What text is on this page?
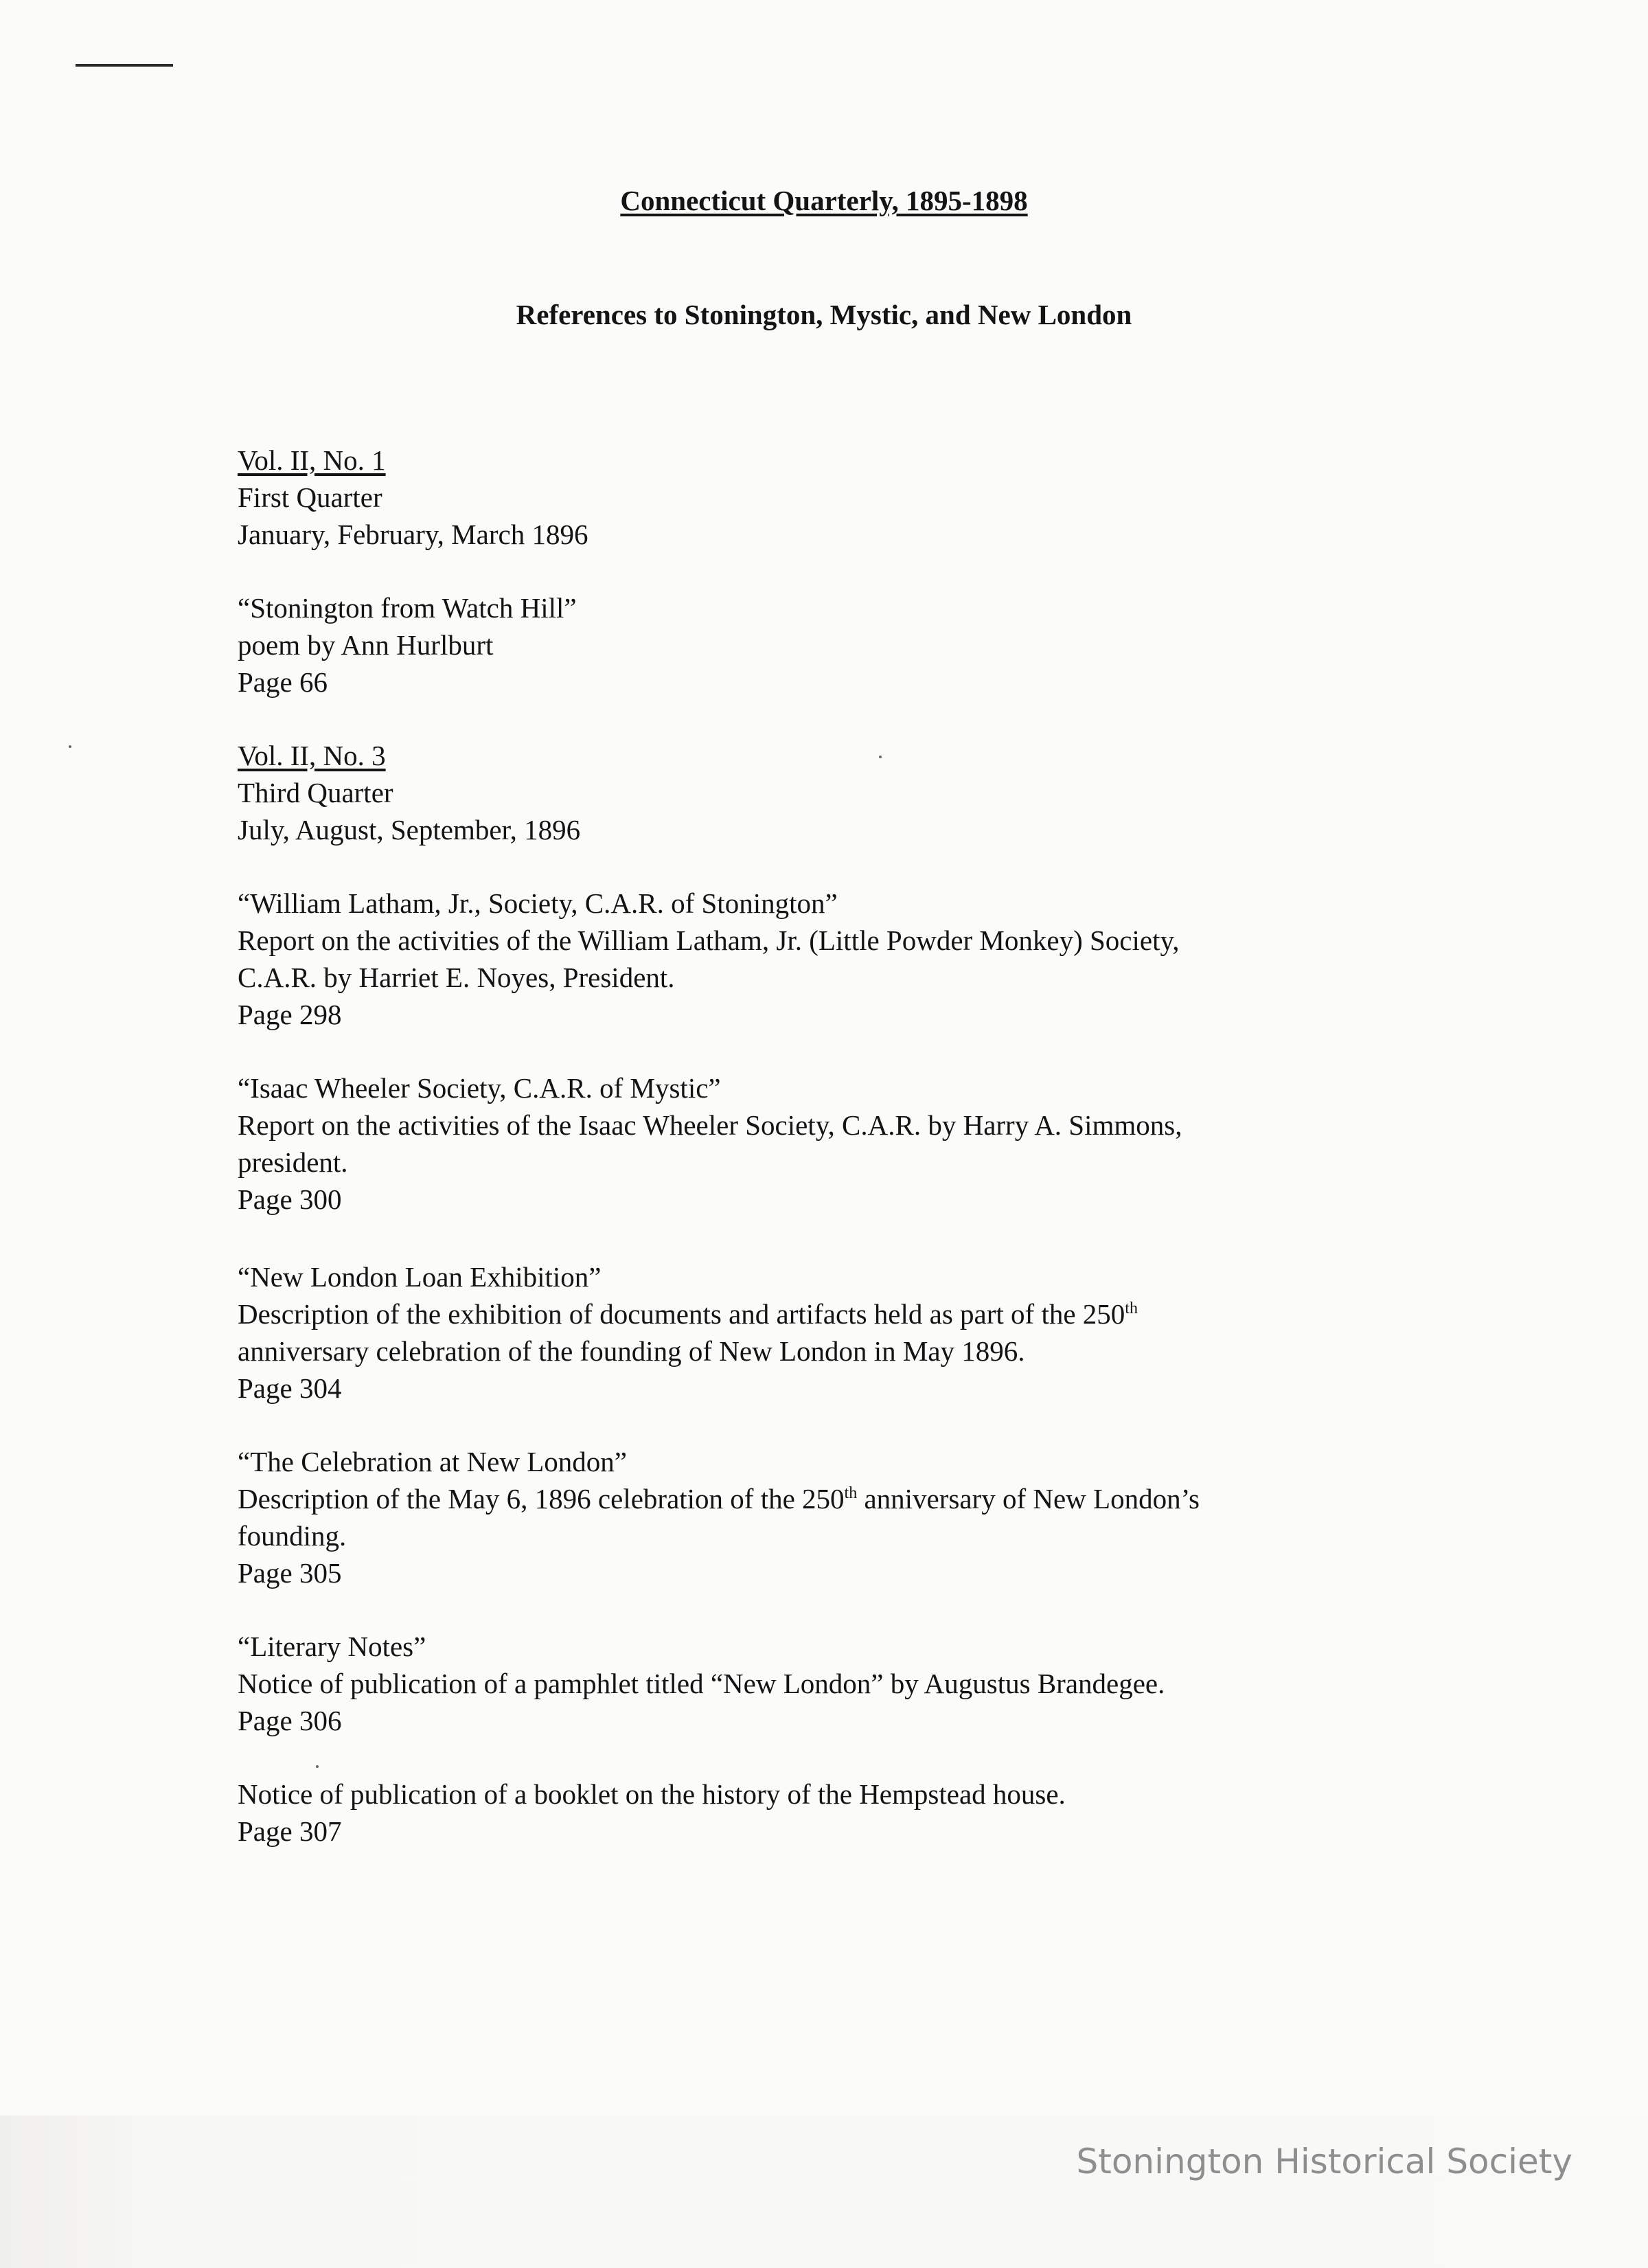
Connecticut Quarterly, 1895-1898
References to Stonington, Mystic, and New London
Vol. II, No. 1
First Quarter
January, February, March 1896
“Stonington from Watch Hill”
poem by Ann Hurlburt
Page 66
Vol. II, No. 3
Third Quarter
July, August, September, 1896
“William Latham, Jr., Society, C.A.R. of Stonington”
Report on the activities of the William Latham, Jr. (Little Powder Monkey) Society,
C.A.R. by Harriet E. Noyes, President.
Page 298
“Isaac Wheeler Society, C.A.R. of Mystic”
Report on the activities of the Isaac Wheeler Society, C.A.R. by Harry A. Simmons,
president.
Page 300
“New London Loan Exhibition”
Description of the exhibition of documents and artifacts held as part of the 250th
anniversary celebration of the founding of New London in May 1896.
Page 304
“The Celebration at New London”
Description of the May 6, 1896 celebration of the 250th anniversary of New London’s
founding.
Page 305
“Literary Notes”
Notice of publication of a pamphlet titled “New London” by Augustus Brandegee.
Page 306
Notice of publication of a booklet on the history of the Hempstead house.
Page 307
Stonington Historical Society
